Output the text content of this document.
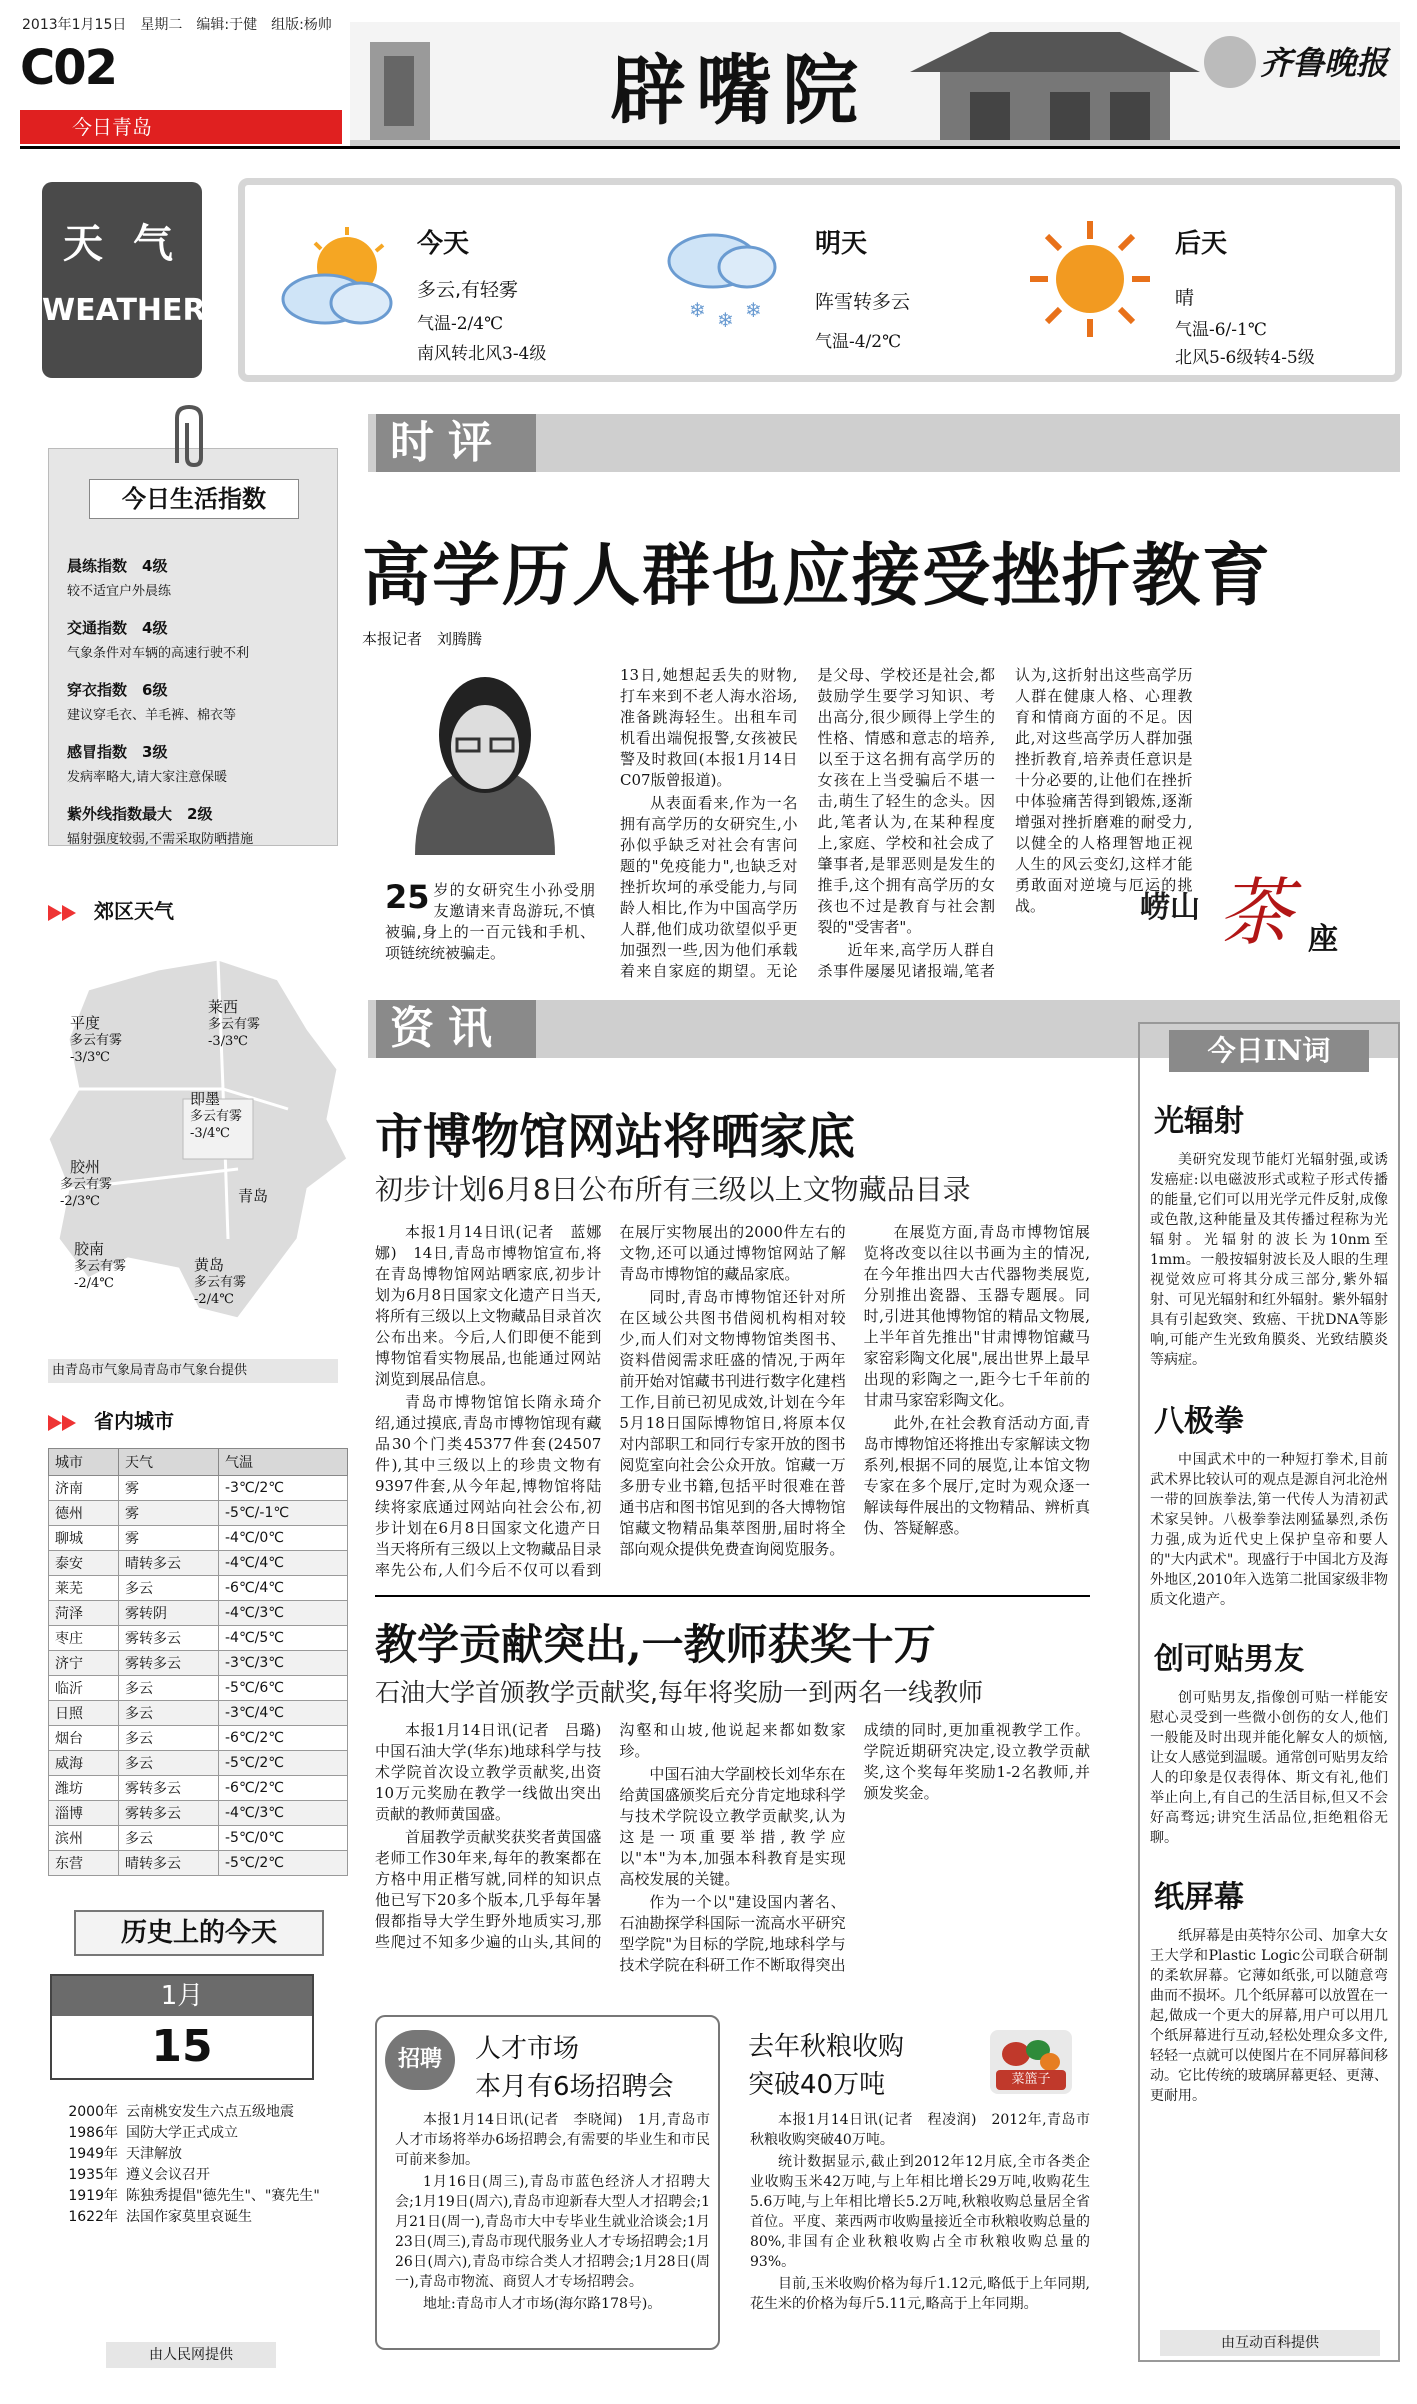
2013年1月15日　星期二　编辑:于健　组版:杨帅
C02
今日青岛	辟嘴院	齐鲁晚报
天 气
WEATHER
今天
多云,有轻雾
气温-2/4℃
南风转北风3-4级
❄ ❄ ❄
明天
阵雪转多云
气温-4/2℃
后天
晴
气温-6/-1℃
北风5-6级转4-5级
今日生活指数
晨练指数　4级
较不适宜户外晨练
交通指数　4级
气象条件对车辆的高速行驶不利
穿衣指数　6级
建议穿毛衣、羊毛裤、棉衣等
感冒指数　3级
发病率略大,请大家注意保暖
紫外线指数最大　2级
辐射强度较弱,不需采取防晒措施
郊区天气
平度
多云有雾
-3/3℃
莱西
多云有雾
-3/3℃
即墨
多云有雾
-3/4℃
胶州
多云有雾
-2/3℃	青岛
胶南
多云有雾
-2/4℃
黄岛
多云有雾
-2/4℃
由青岛市气象局青岛市气象台提供
省内城市
城市	天气	气温
济南	雾	-3℃/2℃
德州	雾	-5℃/-1℃
聊城	雾	-4℃/0℃
泰安	晴转多云	-4℃/4℃
莱芜	多云	-6℃/4℃
菏泽	雾转阴	-4℃/3℃
枣庄	雾转多云	-4℃/5℃
济宁	雾转多云	-3℃/3℃
临沂	多云	-5℃/6℃
日照	多云	-3℃/4℃
烟台	多云	-6℃/2℃
威海	多云	-5℃/2℃
潍坊	雾转多云	-6℃/2℃
淄博	雾转多云	-4℃/3℃
滨州	多云	-5℃/0℃
东营	晴转多云	-5℃/2℃
历史上的今天
1月
15
2000年 云南桃安发生六点五级地震
1986年 国防大学正式成立
1949年 天津解放
1935年 遵义会议召开
1919年 陈独秀提倡"德先生"、"赛先生"
1622年 法国作家莫里哀诞生
由人民网提供
时评
高学历人群也应接受挫折教育
本报记者　刘腾腾
25 岁的女研究生小孙受朋友邀请来青岛游玩,不慎被骗,身上的一百元钱和手机、项链统统被骗走。

13日,她想起丢失的财物,打车来到不老人海水浴场,准备跳海轻生。出租车司机看出端倪报警,女孩被民警及时救回(本报1月14日C07版曾报道)。

从表面看来,作为一名拥有高学历的女研究生,小孙似乎缺乏对社会有害问题的"免疫能力",也缺乏对挫折坎坷的承受能力,与同龄人相比,作为中国高学历人群,他们成功欲望似乎更加强烈一些,因为他们承载着来自家庭的期望。无论是父母、学校还是社会,都鼓励学生要学习知识、考出高分,很少顾得上学生的性格、情感和意志的培养,以至于这名拥有高学历的女孩在上当受骗后不堪一击,萌生了轻生的念头。因此,笔者认为,在某种程度上,家庭、学校和社会成了肇事者,是罪恶则是发生的推手,这个拥有高学历的女孩也不过是教育与社会割裂的"受害者"。

近年来,高学历人群自杀事件屡屡见诸报端,笔者认为,这折射出这些高学历人群在健康人格、心理教育和情商方面的不足。因此,对这些高学历人群加强挫折教育,培养责任意识是十分必要的,让他们在挫折中体验痛苦得到锻炼,逐渐增强对挫折磨难的耐受力,以健全的人格理智地正视人生的风云变幻,这样才能勇敢面对逆境与厄运的挑战。	崂山 茶 座
资讯
市博物馆网站将晒家底
初步计划6月8日公布所有三级以上文物藏品目录

本报1月14日讯(记者　蓝娜娜)　14日,青岛市博物馆宣布,将在青岛博物馆网站晒家底,初步计划为6月8日国家文化遗产日当天,将所有三级以上文物藏品目录首次公布出来。今后,人们即便不能到博物馆看实物展品,也能通过网站浏览到展品信息。

青岛市博物馆馆长隋永琦介绍,通过摸底,青岛市博物馆现有藏品30个门类45377件套(24507件),其中三级以上的珍贵文物有9397件套,从今年起,博物馆将陆续将家底通过网站向社会公布,初步计划在6月8日国家文化遗产日当天将所有三级以上文物藏品目录率先公布,人们今后不仅可以看到在展厅实物展出的2000件左右的文物,还可以通过博物馆网站了解青岛市博物馆的藏品家底。

同时,青岛市博物馆还针对所在区域公共图书借阅机构相对较少,而人们对文物博物馆类图书、资料借阅需求旺盛的情况,于两年前开始对馆藏书刊进行数字化建档工作,目前已初见成效,计划在今年5月18日国际博物馆日,将原本仅对内部职工和同行专家开放的图书阅览室向社会公众开放。馆藏一万多册专业书籍,包括平时很难在普通书店和图书馆见到的各大博物馆馆藏文物精品集萃图册,届时将全部向观众提供免费查询阅览服务。

在展览方面,青岛市博物馆展览将改变以往以书画为主的情况,在今年推出四大古代器物类展览,分别推出瓷器、玉器专题展。同时,引进其他博物馆的精品文物展,上半年首先推出"甘肃博物馆藏马家窑彩陶文化展",展出世界上最早出现的彩陶之一,距今七千年前的甘肃马家窑彩陶文化。

此外,在社会教育活动方面,青岛市博物馆还将推出专家解读文物系列,根据不同的展览,让本馆文物专家在多个展厅,定时为观众逐一解读每件展出的文物精品、辨析真伪、答疑解惑。

教学贡献突出,一教师获奖十万
石油大学首颁教学贡献奖,每年将奖励一到两名一线教师

本报1月14日讯(记者　吕璐)　中国石油大学(华东)地球科学与技术学院首次设立教学贡献奖,出资10万元奖励在教学一线做出突出贡献的教师黄国盛。

首届教学贡献奖获奖者黄国盛老师工作30年来,每年的教案都在方格中用正楷写就,同样的知识点他已写下20多个版本,几乎每年暑假都指导大学生野外地质实习,那些爬过不知多少遍的山头,其间的沟壑和山坡,他说起来都如数家珍。

中国石油大学副校长刘华东在给黄国盛颁奖后充分肯定地球科学与技术学院设立教学贡献奖,认为这是一项重要举措,教学应以"本"为本,加强本科教育是实现高校发展的关键。

作为一个以"建设国内著名、石油勘探学科国际一流高水平研究型学院"为目标的学院,地球科学与技术学院在科研工作不断取得突出成绩的同时,更加重视教学工作。学院近期研究决定,设立教学贡献奖,这个奖每年奖励1-2名教师,并颁发奖金。

招聘	人才市场
本月有6场招聘会

本报1月14日讯(记者　李晓闻)　1月,青岛市人才市场将举办6场招聘会,有需要的毕业生和市民可前来参加。

1月16日(周三),青岛市蓝色经济人才招聘大会;1月19日(周六),青岛市迎新春大型人才招聘会;1月21日(周一),青岛市大中专毕业生就业洽谈会;1月23日(周三),青岛市现代服务业人才专场招聘会;1月26日(周六),青岛市综合类人才招聘会;1月28日(周一),青岛市物流、商贸人才专场招聘会。

地址:青岛市人才市场(海尔路178号)。

去年秋粮收购
突破40万吨	菜篮子

本报1月14日讯(记者　程凌润)　2012年,青岛市秋粮收购突破40万吨。

统计数据显示,截止到2012年12月底,全市各类企业收购玉米42万吨,与上年相比增长29万吨,收购花生5.6万吨,与上年相比增长5.2万吨,秋粮收购总量居全省首位。平度、莱西两市收购量接近全市秋粮收购总量的80%,非国有企业秋粮收购占全市秋粮收购总量的93%。

目前,玉米收购价格为每斤1.12元,略低于上年同期,花生米的价格为每斤5.11元,略高于上年同期。

今日IN词
光辐射

美研究发现节能灯光辐射强,或诱发癌症:以电磁波形式或粒子形式传播的能量,它们可以用光学元件反射,成像或色散,这种能量及其传播过程称为光辐射。光辐射的波长为10nm至1mm。一般按辐射波长及人眼的生理视觉效应可将其分成三部分,紫外辐射、可见光辐射和红外辐射。紫外辐射具有引起致突、致癌、干扰DNA等影响,可能产生光致角膜炎、光致结膜炎等病症。

八极拳

中国武术中的一种短打拳术,目前武术界比较认可的观点是源自河北沧州一带的回族拳法,第一代传人为清初武术家吴钟。八极拳拳法刚猛暴烈,杀伤力强,成为近代史上保护皇帝和要人的"大内武术"。现盛行于中国北方及海外地区,2010年入选第二批国家级非物质文化遗产。

创可贴男友

创可贴男友,指像创可贴一样能安慰心灵受到一些微小创伤的女人,他们一般能及时出现并能化解女人的烦恼,让女人感觉到温暖。通常创可贴男友给人的印象是仅表得体、斯文有礼,他们举止向上,有自己的生活目标,但又不会好高骛远;讲究生活品位,拒绝粗俗无聊。

纸屏幕

纸屏幕是由英特尔公司、加拿大女王大学和Plastic Logic公司联合研制的柔软屏幕。它薄如纸张,可以随意弯曲而不损坏。几个纸屏幕可以放置在一起,做成一个更大的屏幕,用户可以用几个纸屏幕进行互动,轻松处理众多文件,轻轻一点就可以使图片在不同屏幕间移动。它比传统的玻璃屏幕更轻、更薄、更耐用。

由互动百科提供
